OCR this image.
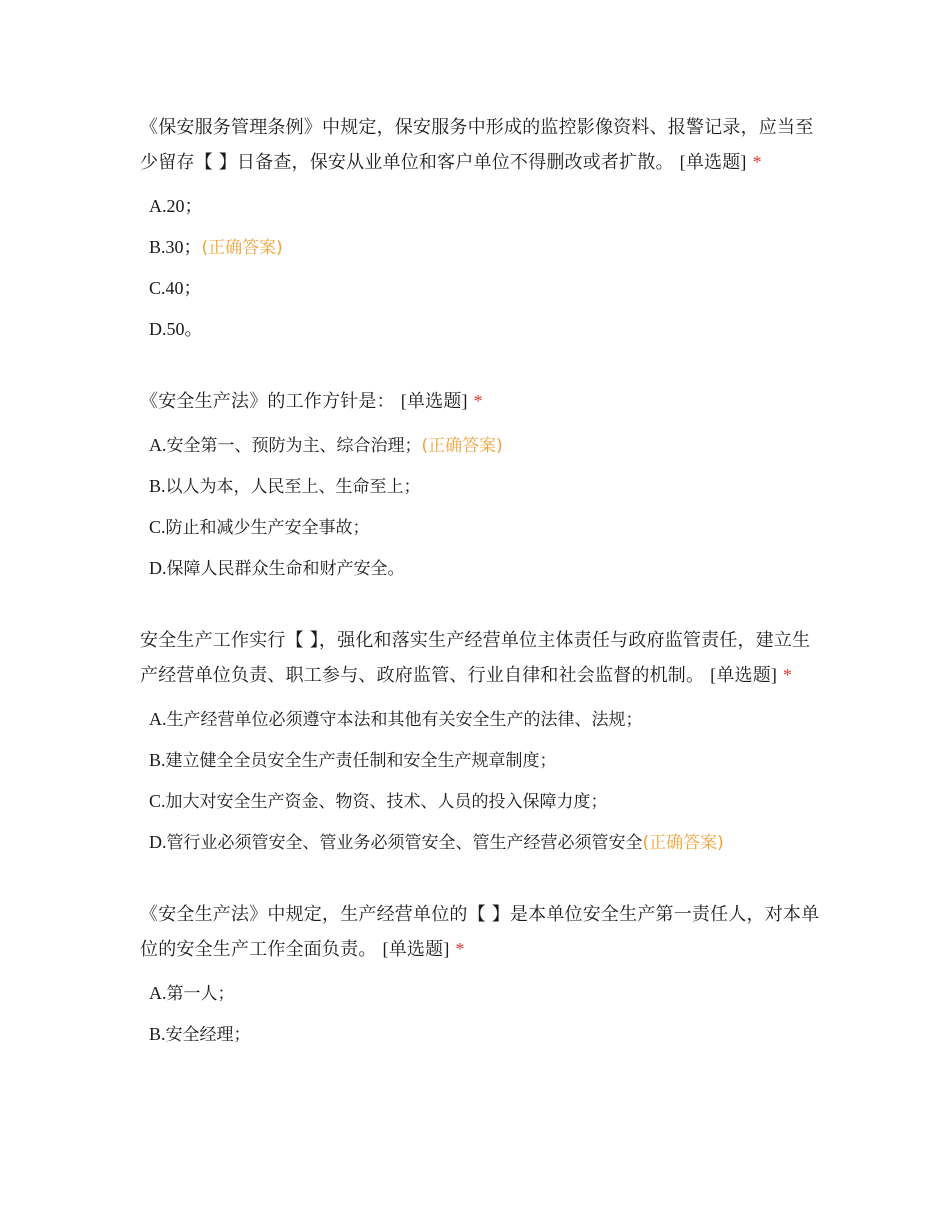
《保安服务管理条例》中规定，保安服务中形成的监控影像资料、报警记录，应当至少留存【 】日备查，保安从业单位和客户单位不得删改或者扩散。 [单选题] *

A.20；
B.30；(正确答案)
C.40；
D.50。

《安全生产法》的工作方针是： [单选题] *

A.安全第一、预防为主、综合治理；(正确答案)
B.以人为本，人民至上、生命至上；
C.防止和减少生产安全事故；
D.保障人民群众生命和财产安全。

安全生产工作实行【 】，强化和落实生产经营单位主体责任与政府监管责任，建立生产经营单位负责、职工参与、政府监管、行业自律和社会监督的机制。 [单选题] *

A.生产经营单位必须遵守本法和其他有关安全生产的法律、法规；
B.建立健全全员安全生产责任制和安全生产规章制度；
C.加大对安全生产资金、物资、技术、人员的投入保障力度；
D.管行业必须管安全、管业务必须管安全、管生产经营必须管安全(正确答案)

《安全生产法》中规定，生产经营单位的【 】是本单位安全生产第一责任人，对本单位的安全生产工作全面负责。 [单选题] *

A.第一人；
B.安全经理；
